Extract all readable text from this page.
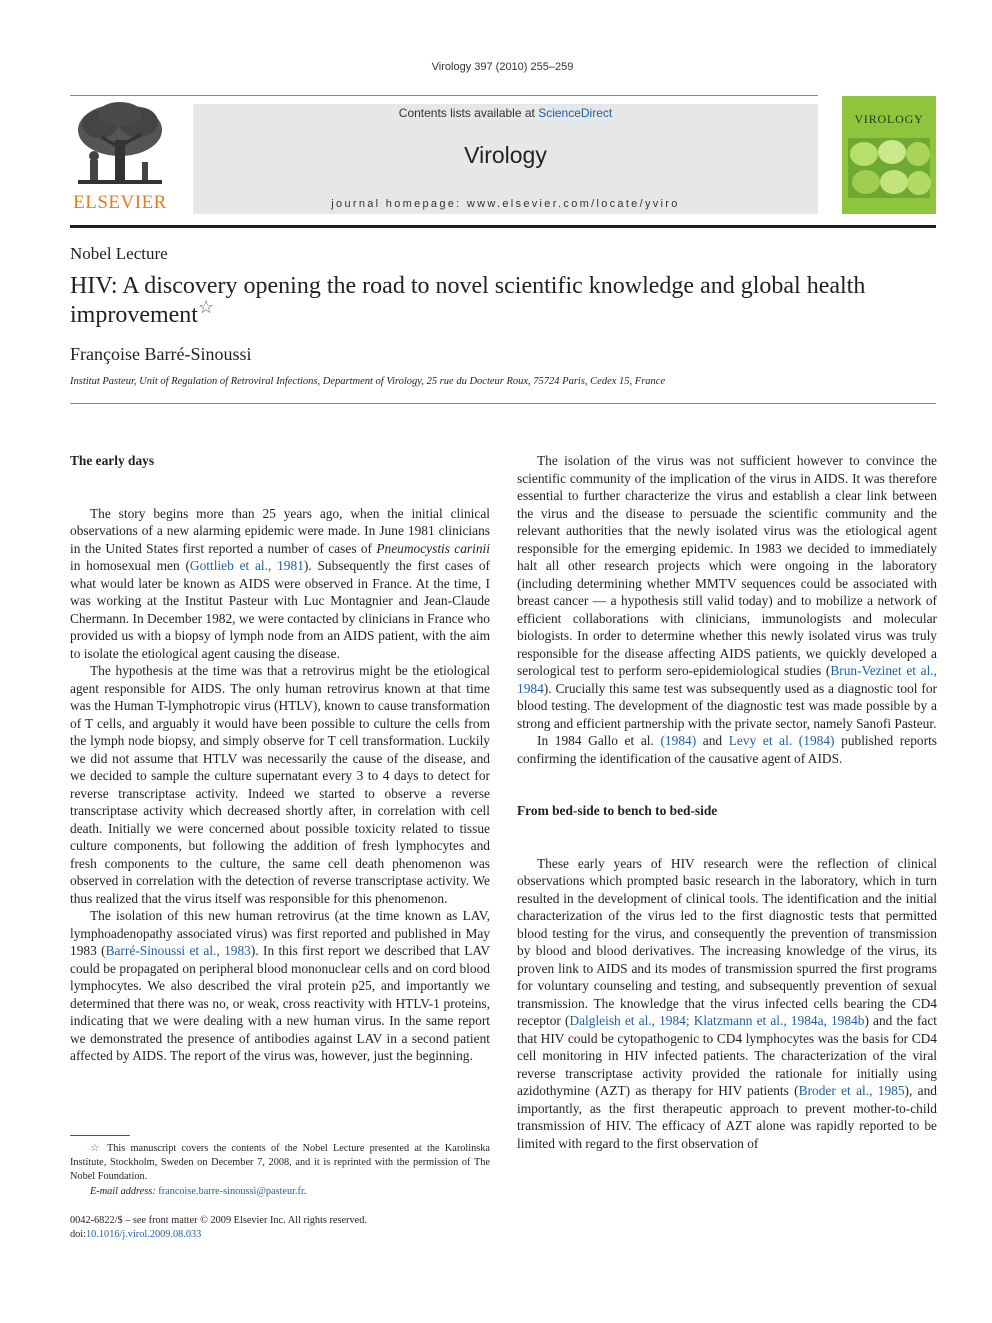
Virology 397 (2010) 255–259
ELSEVIER
Contents lists available at ScienceDirect
Virology
journal homepage: www.elsevier.com/locate/yviro
VIROLOGY
Nobel Lecture
HIV: A discovery opening the road to novel scientific knowledge and global health improvement☆
Françoise Barré-Sinoussi
Institut Pasteur, Unit of Regulation of Retroviral Infections, Department of Virology, 25 rue du Docteur Roux, 75724 Paris, Cedex 15, France
The early days

The story begins more than 25 years ago, when the initial clinical observations of a new alarming epidemic were made. In June 1981 clinicians in the United States first reported a number of cases of Pneumocystis carinii in homosexual men (Gottlieb et al., 1981). Subsequently the first cases of what would later be known as AIDS were observed in France. At the time, I was working at the Institut Pasteur with Luc Montagnier and Jean-Claude Chermann. In December 1982, we were contacted by clinicians in France who provided us with a biopsy of lymph node from an AIDS patient, with the aim to isolate the etiological agent causing the disease.

The hypothesis at the time was that a retrovirus might be the etiological agent responsible for AIDS. The only human retrovirus known at that time was the Human T-lymphotropic virus (HTLV), known to cause transformation of T cells, and arguably it would have been possible to culture the cells from the lymph node biopsy, and simply observe for T cell transformation. Luckily we did not assume that HTLV was necessarily the cause of the disease, and we decided to sample the culture supernatant every 3 to 4 days to detect for reverse transcriptase activity. Indeed we started to observe a reverse transcriptase activity which decreased shortly after, in correlation with cell death. Initially we were concerned about possible toxicity related to tissue culture components, but following the addition of fresh lymphocytes and fresh components to the culture, the same cell death phenomenon was observed in correlation with the detection of reverse transcriptase activity. We thus realized that the virus itself was responsible for this phenomenon.

The isolation of this new human retrovirus (at the time known as LAV, lymphoadenopathy associated virus) was first reported and published in May 1983 (Barré-Sinoussi et al., 1983). In this first report we described that LAV could be propagated on peripheral blood mononuclear cells and on cord blood lymphocytes. We also described the viral protein p25, and importantly we determined that there was no, or weak, cross reactivity with HTLV-1 proteins, indicating that we were dealing with a new human virus. In the same report we demonstrated the presence of antibodies against LAV in a second patient affected by AIDS. The report of the virus was, however, just the beginning.

The isolation of the virus was not sufficient however to convince the scientific community of the implication of the virus in AIDS. It was therefore essential to further characterize the virus and establish a clear link between the virus and the disease to persuade the scientific community and the relevant authorities that the newly isolated virus was the etiological agent responsible for the emerging epidemic. In 1983 we decided to immediately halt all other research projects which were ongoing in the laboratory (including determining whether MMTV sequences could be associated with breast cancer — a hypothesis still valid today) and to mobilize a network of efficient collaborations with clinicians, immunologists and molecular biologists. In order to determine whether this newly isolated virus was truly responsible for the disease affecting AIDS patients, we quickly developed a serological test to perform sero-epidemiological studies (Brun-Vezinet et al., 1984). Crucially this same test was subsequently used as a diagnostic tool for blood testing. The development of the diagnostic test was made possible by a strong and efficient partnership with the private sector, namely Sanofi Pasteur.

In 1984 Gallo et al. (1984) and Levy et al. (1984) published reports confirming the identification of the causative agent of AIDS.

From bed-side to bench to bed-side

These early years of HIV research were the reflection of clinical observations which prompted basic research in the laboratory, which in turn resulted in the development of clinical tools. The identification and the initial characterization of the virus led to the first diagnostic tests that permitted blood testing for the virus, and consequently the prevention of transmission by blood and blood derivatives. The increasing knowledge of the virus, its proven link to AIDS and its modes of transmission spurred the first programs for voluntary counseling and testing, and subsequently prevention of sexual transmission. The knowledge that the virus infected cells bearing the CD4 receptor (Dalgleish et al., 1984; Klatzmann et al., 1984a, 1984b) and the fact that HIV could be cytopathogenic to CD4 lymphocytes was the basis for CD4 cell monitoring in HIV infected patients. The characterization of the viral reverse transcriptase activity provided the rationale for initially using azidothymine (AZT) as therapy for HIV patients (Broder et al., 1985), and importantly, as the first therapeutic approach to prevent mother-to-child transmission of HIV. The efficacy of AZT alone was rapidly reported to be limited with regard to the first observation of

☆ This manuscript covers the contents of the Nobel Lecture presented at the Karolinska Institute, Stockholm, Sweden on December 7, 2008, and it is reprinted with the permission of The Nobel Foundation.
E-mail address: francoise.barre-sinoussi@pasteur.fr.
0042-6822/$ – see front matter © 2009 Elsevier Inc. All rights reserved.
doi:10.1016/j.virol.2009.08.033
